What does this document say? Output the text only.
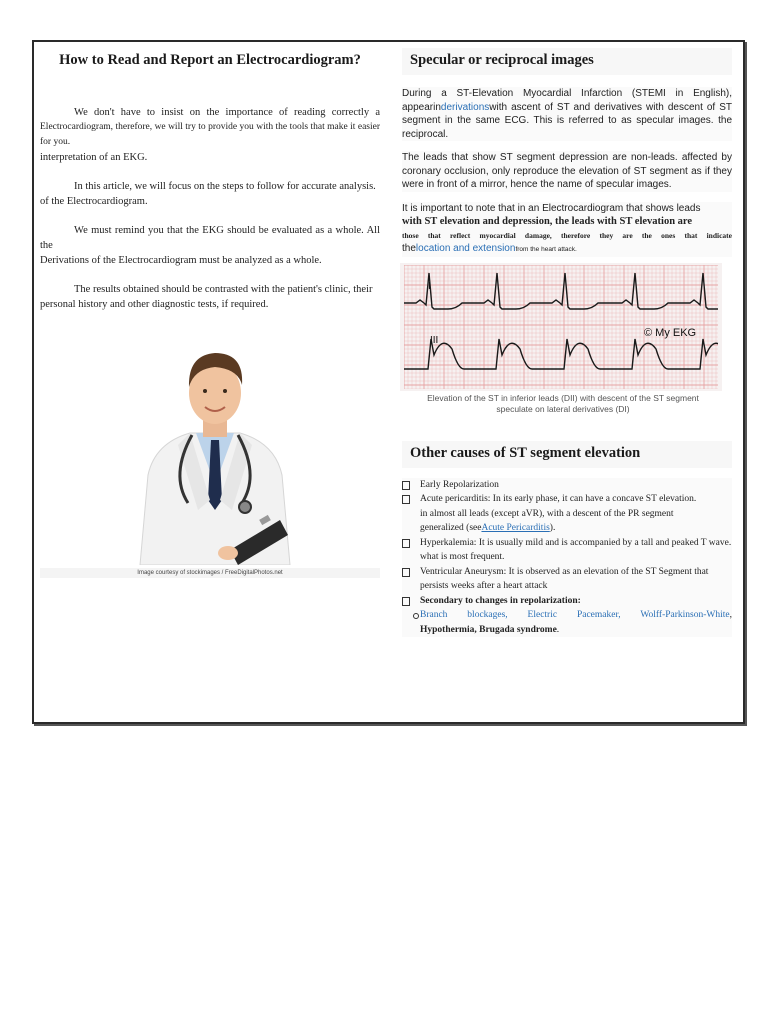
How to Read and Report an Electrocardiogram?

We don't have to insist on the importance of reading correctly a
Electrocardiogram, therefore, we will try to provide you with the tools that make it easier for you.
interpretation of an EKG.

In this article, we will focus on the steps to follow for accurate analysis.
of the Electrocardiogram.

We must remind you that the EKG should be evaluated as a whole. All the
Derivations of the Electrocardiogram must be analyzed as a whole.

The results obtained should be contrasted with the patient's clinic, their
personal history and other diagnostic tests, if required.

Image courtesy of stockimages / FreeDigitalPhotos.net
Specular or reciprocal images

During a ST-Elevation Myocardial Infarction (STEMI in English), appearinderivationswith ascent of ST and derivatives with descent of ST segment in the same ECG. This is referred to as specular images. the reciprocal.

The leads that show ST segment depression are non-leads. affected by coronary occlusion, only reproduce the elevation of ST segment as if they were in front of a mirror, hence the name of specular images.

It is important to note that in an Electrocardiogram that shows leads
with ST elevation and depression, the leads with ST elevation are
those that reflect myocardial damage, therefore they are the ones that indicate
thelocation and extensionfrom the heart attack.

I
III
© My EKG
Elevation of the ST in inferior leads (DII) with descent of the ST segment
speculate on lateral derivatives (DI)
Other causes of ST segment elevation
Early Repolarization
Acute pericarditis: In its early phase, it can have a concave ST elevation.
in almost all leads (except aVR), with a descent of the PR segment
generalized (seeAcute Pericarditis).
Hyperkalemia: It is usually mild and is accompanied by a tall and peaked T wave.
what is most frequent.
Ventricular Aneurysm: It is observed as an elevation of the ST Segment that
persists weeks after a heart attack
Secondary to changes in repolarization:
Branch blockages, Electric Pacemaker, Wolff-Parkinson-White,
Hypothermia, Brugada syndrome.
